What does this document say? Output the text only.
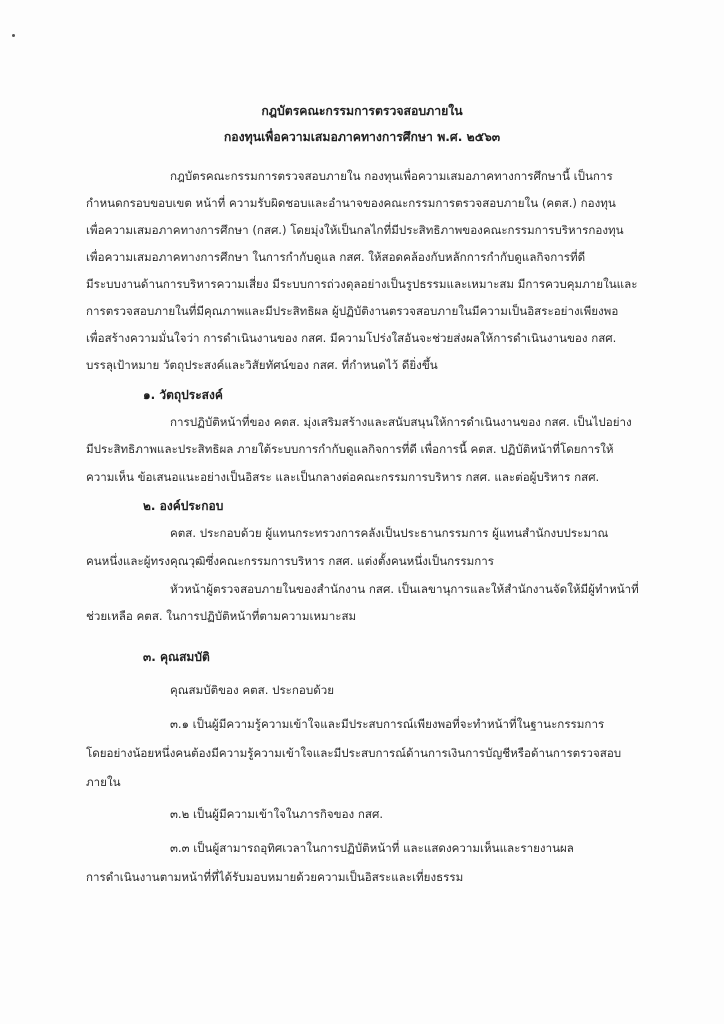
กฎบัตรคณะกรรมการตรวจสอบภายใน
กองทุนเพื่อความเสมอภาคทางการศึกษา พ.ศ. ๒๕๖๓
กฎบัตรคณะกรรมการตรวจสอบภายใน กองทุนเพื่อความเสมอภาคทางการศึกษานี้ เป็นการ
กำหนดกรอบขอบเขต หน้าที่ ความรับผิดชอบและอำนาจของคณะกรรมการตรวจสอบภายใน (คตส.) กองทุน
เพื่อความเสมอภาคทางการศึกษา (กสศ.) โดยมุ่งให้เป็นกลไกที่มีประสิทธิภาพของคณะกรรมการบริหารกองทุน
เพื่อความเสมอภาคทางการศึกษา ในการกำกับดูแล กสศ. ให้สอดคล้องกับหลักการกำกับดูแลกิจการที่ดี
มีระบบงานด้านการบริหารความเสี่ยง มีระบบการถ่วงดุลอย่างเป็นรูปธรรมและเหมาะสม มีการควบคุมภายในและ
การตรวจสอบภายในที่มีคุณภาพและมีประสิทธิผล ผู้ปฏิบัติงานตรวจสอบภายในมีความเป็นอิสระอย่างเพียงพอ
เพื่อสร้างความมั่นใจว่า การดำเนินงานของ กสศ. มีความโปร่งใสอันจะช่วยส่งผลให้การดำเนินงานของ กสศ.
บรรลุเป้าหมาย วัตถุประสงค์และวิสัยทัศน์ของ กสศ. ที่กำหนดไว้ ดียิ่งขึ้น
๑. วัตถุประสงค์
การปฏิบัติหน้าที่ของ คตส. มุ่งเสริมสร้างและสนับสนุนให้การดำเนินงานของ กสศ. เป็นไปอย่าง
มีประสิทธิภาพและประสิทธิผล ภายใต้ระบบการกำกับดูแลกิจการที่ดี เพื่อการนี้ คตส. ปฏิบัติหน้าที่โดยการให้
ความเห็น ข้อเสนอแนะอย่างเป็นอิสระ และเป็นกลางต่อคณะกรรมการบริหาร กสศ. และต่อผู้บริหาร กสศ.
๒. องค์ประกอบ
คตส. ประกอบด้วย ผู้แทนกระทรวงการคลังเป็นประธานกรรมการ ผู้แทนสำนักงบประมาณ
คนหนึ่งและผู้ทรงคุณวุฒิซึ่งคณะกรรมการบริหาร กสศ. แต่งตั้งคนหนึ่งเป็นกรรมการ
หัวหน้าผู้ตรวจสอบภายในของสำนักงาน กสศ. เป็นเลขานุการและให้สำนักงานจัดให้มีผู้ทำหน้าที่
ช่วยเหลือ คตส. ในการปฏิบัติหน้าที่ตามความเหมาะสม
๓. คุณสมบัติ
คุณสมบัติของ คตส. ประกอบด้วย
๓.๑ เป็นผู้มีความรู้ความเข้าใจและมีประสบการณ์เพียงพอที่จะทำหน้าที่ในฐานะกรรมการ
โดยอย่างน้อยหนึ่งคนต้องมีความรู้ความเข้าใจและมีประสบการณ์ด้านการเงินการบัญชีหรือด้านการตรวจสอบ
ภายใน
๓.๒ เป็นผู้มีความเข้าใจในภารกิจของ กสศ.
๓.๓ เป็นผู้สามารถอุทิศเวลาในการปฏิบัติหน้าที่ และแสดงความเห็นและรายงานผล
การดำเนินงานตามหน้าที่ที่ได้รับมอบหมายด้วยความเป็นอิสระและเที่ยงธรรม
